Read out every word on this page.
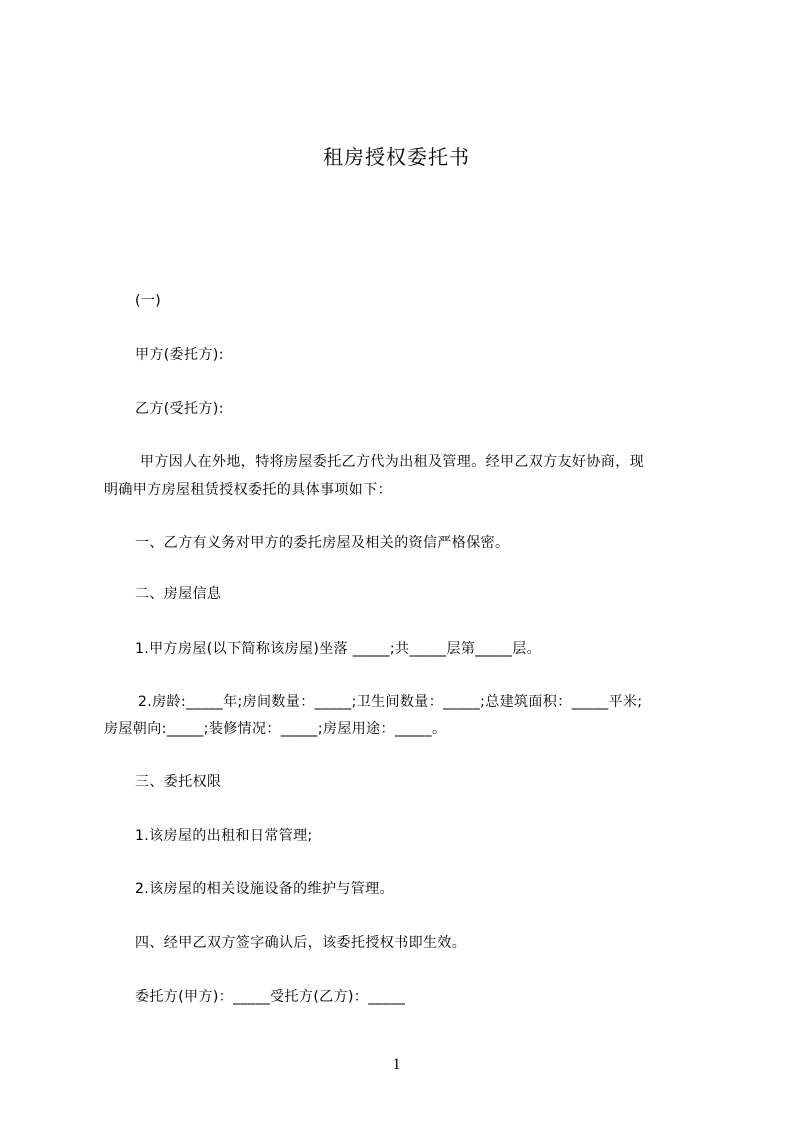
租房授权委托书
(一)
甲方(委托方):
乙方(受托方):
甲方因人在外地，特将房屋委托乙方代为出租及管理。经甲乙双方友好协商，现
明确甲方房屋租赁授权委托的具体事项如下：
一、乙方有义务对甲方的委托房屋及相关的资信严格保密。
二、房屋信息
1.甲方房屋(以下简称该房屋)坐落 _____;共_____层第_____层。
2.房龄:_____年;房间数量：_____;卫生间数量：_____;总建筑面积：_____平米;
房屋朝向:_____;装修情况：_____;房屋用途：_____。
三、委托权限
1.该房屋的出租和日常管理;
2.该房屋的相关设施设备的维护与管理。
四、经甲乙双方签字确认后，该委托授权书即生效。
委托方(甲方)：_____受托方(乙方)：_____
1
